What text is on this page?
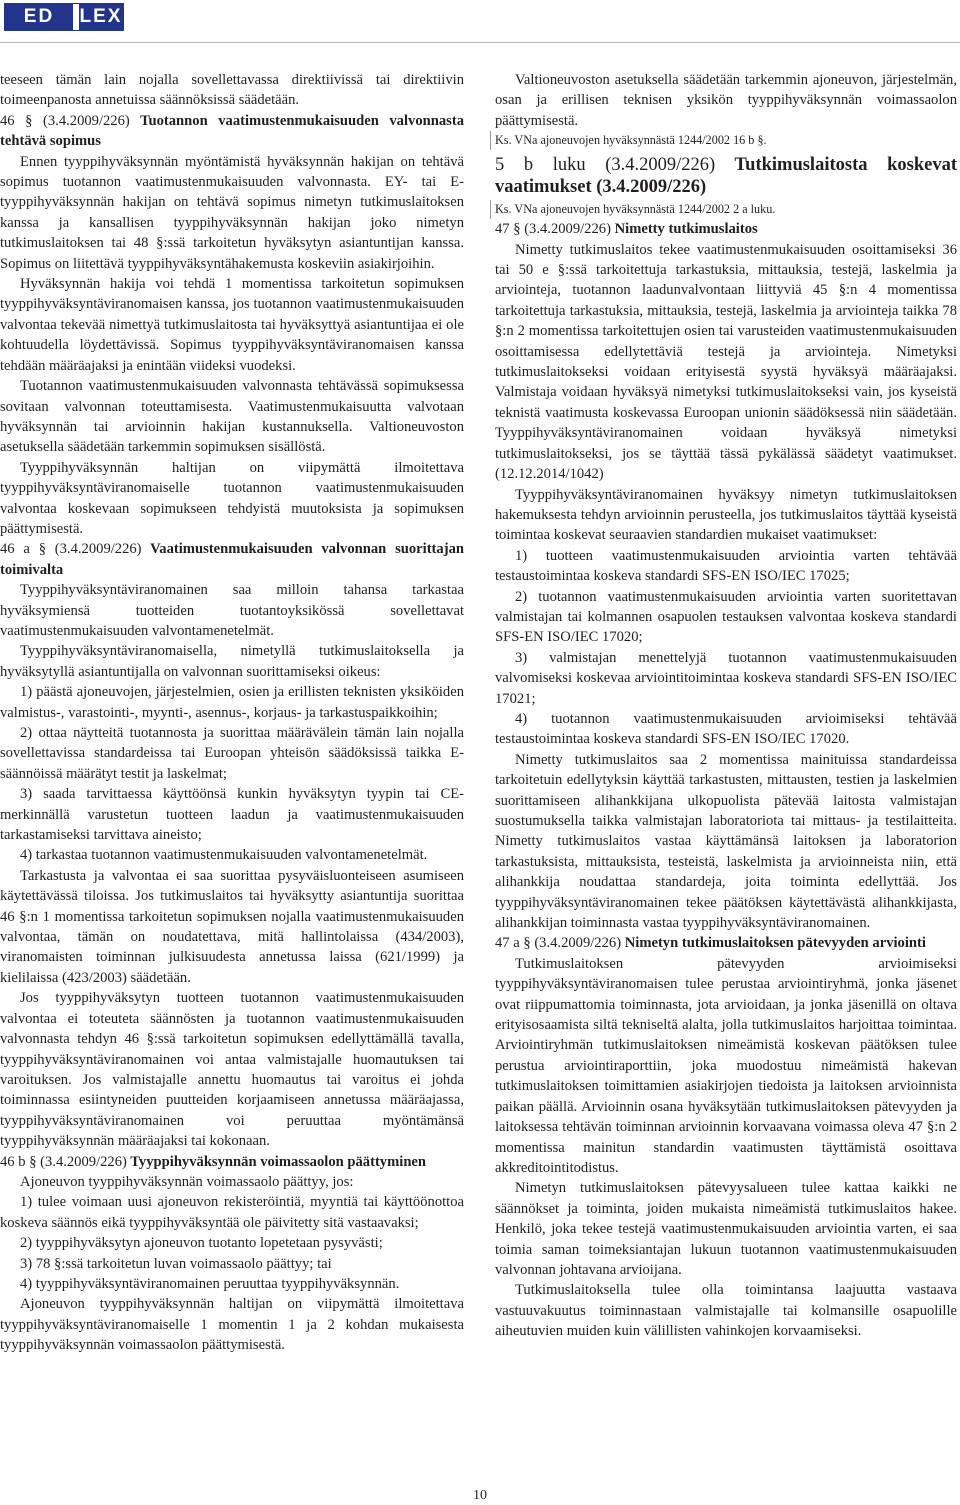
ED	LEX

teeseen tämän lain nojalla sovellettavassa direktiivissä tai direktiivin toimeenpanosta annetuissa säännöksissä säädetään.

46 § (3.4.2009/226) Tuotannon vaatimustenmukaisuuden valvonnasta tehtävä sopimus

Ennen tyyppihyväksynnän myöntämistä hyväksynnän hakijan on tehtävä sopimus tuotannon vaatimustenmukaisuuden valvonnasta. EY- tai E-tyyppihyväksynnän hakijan on tehtävä sopimus nimetyn tutkimuslaitoksen kanssa ja kansallisen tyyppihyväksynnän hakijan joko nimetyn tutkimuslaitoksen tai 48 §:ssä tarkoitetun hyväksytyn asiantuntijan kanssa. Sopimus on liitettävä tyyppihyväksyntähakemusta koskeviin asiakirjoihin.

Hyväksynnän hakija voi tehdä 1 momentissa tarkoitetun sopimuksen tyyppihyväksyntäviranomaisen kanssa, jos tuotannon vaatimustenmukaisuuden valvontaa tekevää nimettyä tutkimuslaitosta tai hyväksyttyä asiantuntijaa ei ole kohtuudella löydettävissä. Sopimus tyyppihyväksyntäviranomaisen kanssa tehdään määräajaksi ja enintään viideksi vuodeksi.

Tuotannon vaatimustenmukaisuuden valvonnasta tehtävässä sopimuksessa sovitaan valvonnan toteuttamisesta. Vaatimustenmukaisuutta valvotaan hyväksynnän tai arvioinnin hakijan kustannuksella. Valtioneuvoston asetuksella säädetään tarkemmin sopimuksen sisällöstä.

Tyyppihyväksynnän haltijan on viipymättä ilmoitettava tyyppihyväksyntäviranomaiselle tuotannon vaatimustenmukaisuuden valvontaa koskevaan sopimukseen tehdyistä muutoksista ja sopimuksen päättymisestä.

46 a § (3.4.2009/226) Vaatimustenmukaisuuden valvonnan suorittajan toimivalta

Tyyppihyväksyntäviranomainen saa milloin tahansa tarkastaa hyväksymiensä tuotteiden tuotantoyksikössä sovellettavat vaatimustenmukaisuuden valvontamenetelmät.

Tyyppihyväksyntäviranomaisella, nimetyllä tutkimuslaitoksella ja hyväksytyllä asiantuntijalla on valvonnan suorittamiseksi oikeus:

1) päästä ajoneuvojen, järjestelmien, osien ja erillisten teknisten yksiköiden valmistus-, varastointi-, myynti-, asennus-, korjaus- ja tarkastuspaikkoihin;

2) ottaa näytteitä tuotannosta ja suorittaa määrävälein tämän lain nojalla sovellettavissa standardeissa tai Euroopan yhteisön säädöksissä taikka E-säännöissä määrätyt testit ja laskelmat;

3) saada tarvittaessa käyttöönsä kunkin hyväksytyn tyypin tai CE-merkinnällä varustetun tuotteen laadun ja vaatimustenmukaisuuden tarkastamiseksi tarvittava aineisto;

4) tarkastaa tuotannon vaatimustenmukaisuuden valvontamenetelmät.

Tarkastusta ja valvontaa ei saa suorittaa pysyväisluonteiseen asumiseen käytettävässä tiloissa. Jos tutkimuslaitos tai hyväksytty asiantuntija suorittaa 46 §:n 1 momentissa tarkoitetun sopimuksen nojalla vaatimustenmukaisuuden valvontaa, tämän on noudatettava, mitä hallintolaissa (434/2003), viranomaisten toiminnan julkisuudesta annetussa laissa (621/1999) ja kielilaissa (423/2003) säädetään.

Jos tyyppihyväksytyn tuotteen tuotannon vaatimustenmukaisuuden valvontaa ei toteuteta säännösten ja tuotannon vaatimustenmukaisuuden valvonnasta tehdyn 46 §:ssä tarkoitetun sopimuksen edellyttämällä tavalla, tyyppihyväksyntäviranomainen voi antaa valmistajalle huomautuksen tai varoituksen. Jos valmistajalle annettu huomautus tai varoitus ei johda toiminnassa esiintyneiden puutteiden korjaamiseen annetussa määräajassa, tyyppihyväksyntäviranomainen voi peruuttaa myöntämänsä tyyppihyväksynnän määräajaksi tai kokonaan.

46 b § (3.4.2009/226) Tyyppihyväksynnän voimassaolon päättyminen

Ajoneuvon tyyppihyväksynnän voimassaolo päättyy, jos:

1) tulee voimaan uusi ajoneuvon rekisteröintiä, myyntiä tai käyttöönottoa koskeva säännös eikä tyyppihyväksyntää ole päivitetty sitä vastaavaksi;

2) tyyppihyväksytyn ajoneuvon tuotanto lopetetaan pysyvästi;

3) 78 §:ssä tarkoitetun luvan voimassaolo päättyy; tai

4) tyyppihyväksyntäviranomainen peruuttaa tyyppihyväksynnän.

Ajoneuvon tyyppihyväksynnän haltijan on viipymättä ilmoitettava tyyppihyväksyntäviranomaiselle 1 momentin 1 ja 2 kohdan mukaisesta tyyppihyväksynnän voimassaolon päättymisestä.

Valtioneuvoston asetuksella säädetään tarkemmin ajoneuvon, järjestelmän, osan ja erillisen teknisen yksikön tyyppihyväksynnän voimassaolon päättymisestä.

Ks. VNa ajoneuvojen hyväksynnästä 1244/2002 16 b §.

5 b luku (3.4.2009/226) Tutkimuslaitosta koskevat vaatimukset (3.4.2009/226)

Ks. VNa ajoneuvojen hyväksynnästä 1244/2002 2 a luku.

47 § (3.4.2009/226) Nimetty tutkimuslaitos

Nimetty tutkimuslaitos tekee vaatimustenmukaisuuden osoittamiseksi 36 tai 50 e §:ssä tarkoitettuja tarkastuksia, mittauksia, testejä, laskelmia ja arviointeja, tuotannon laadunvalvontaan liittyviä 45 §:n 4 momentissa tarkoitettuja tarkastuksia, mittauksia, testejä, laskelmia ja arviointeja taikka 78 §:n 2 momentissa tarkoitettujen osien tai varusteiden vaatimustenmukaisuuden osoittamisessa edellytettäviä testejä ja arviointeja. Nimetyksi tutkimuslaitokseksi voidaan erityisestä syystä hyväksyä määräajaksi. Valmistaja voidaan hyväksyä nimetyksi tutkimuslaitokseksi vain, jos kyseistä teknistä vaatimusta koskevassa Euroopan unionin säädöksessä niin säädetään. Tyyppihyväksyntäviranomainen voidaan hyväksyä nimetyksi tutkimuslaitokseksi, jos se täyttää tässä pykälässä säädetyt vaatimukset. (12.12.2014/1042)

Tyyppihyväksyntäviranomainen hyväksyy nimetyn tutkimuslaitoksen hakemuksesta tehdyn arvioinnin perusteella, jos tutkimuslaitos täyttää kyseistä toimintaa koskevat seuraavien standardien mukaiset vaatimukset:

1) tuotteen vaatimustenmukaisuuden arviointia varten tehtävää testaustoimintaa koskeva standardi SFS-EN ISO/IEC 17025;

2) tuotannon vaatimustenmukaisuuden arviointia varten suoritettavan valmistajan tai kolmannen osapuolen testauksen valvontaa koskeva standardi SFS-EN ISO/IEC 17020;

3) valmistajan menettelyjä tuotannon vaatimustenmukaisuuden valvomiseksi koskevaa arviointitoimintaa koskeva standardi SFS-EN ISO/IEC 17021;

4) tuotannon vaatimustenmukaisuuden arvioimiseksi tehtävää testaustoimintaa koskeva standardi SFS-EN ISO/IEC 17020.

Nimetty tutkimuslaitos saa 2 momentissa mainituissa standardeissa tarkoitetuin edellytyksin käyttää tarkastusten, mittausten, testien ja laskelmien suorittamiseen alihankkijana ulkopuolista pätevää laitosta valmistajan suostumuksella taikka valmistajan laboratoriota tai mittaus- ja testilaitteita. Nimetty tutkimuslaitos vastaa käyttämänsä laitoksen ja laboratorion tarkastuksista, mittauksista, testeistä, laskelmista ja arvioinneista niin, että alihankkija noudattaa standardeja, joita toiminta edellyttää. Jos tyyppihyväksyntäviranomainen tekee päätöksen käytettävästä alihankkijasta, alihankkijan toiminnasta vastaa tyyppihyväksyntäviranomainen.

47 a § (3.4.2009/226) Nimetyn tutkimuslaitoksen pätevyyden arviointi

Tutkimuslaitoksen pätevyyden arvioimiseksi tyyppihyväksyntäviranomaisen tulee perustaa arviointiryhmä, jonka jäsenet ovat riippumattomia toiminnasta, jota arvioidaan, ja jonka jäsenillä on oltava erityisosaamista siltä tekniseltä alalta, jolla tutkimuslaitos harjoittaa toimintaa. Arviointiryhmän tutkimuslaitoksen nimeämistä koskevan päätöksen tulee perustua arviointiraporttiin, joka muodostuu nimeämistä hakevan tutkimuslaitoksen toimittamien asiakirjojen tiedoista ja laitoksen arvioinnista paikan päällä. Arvioinnin osana hyväksytään tutkimuslaitoksen pätevyyden ja laitoksessa tehtävän toiminnan arvioinnin korvaavana voimassa oleva 47 §:n 2 momentissa mainitun standardin vaatimusten täyttämistä osoittava akkreditointitodistus.

Nimetyn tutkimuslaitoksen pätevyysalueen tulee kattaa kaikki ne säännökset ja toiminta, joiden mukaista nimeämistä tutkimuslaitos hakee. Henkilö, joka tekee testejä vaatimustenmukaisuuden arviointia varten, ei saa toimia saman toimeksiantajan lukuun tuotannon vaatimustenmukaisuuden valvonnan johtavana arvioijana.

Tutkimuslaitoksella tulee olla toimintansa laajuutta vastaava vastuuvakuutus toiminnastaan valmistajalle tai kolmansille osapuolille aiheutuvien muiden kuin välillisten vahinkojen korvaamiseksi.

10
